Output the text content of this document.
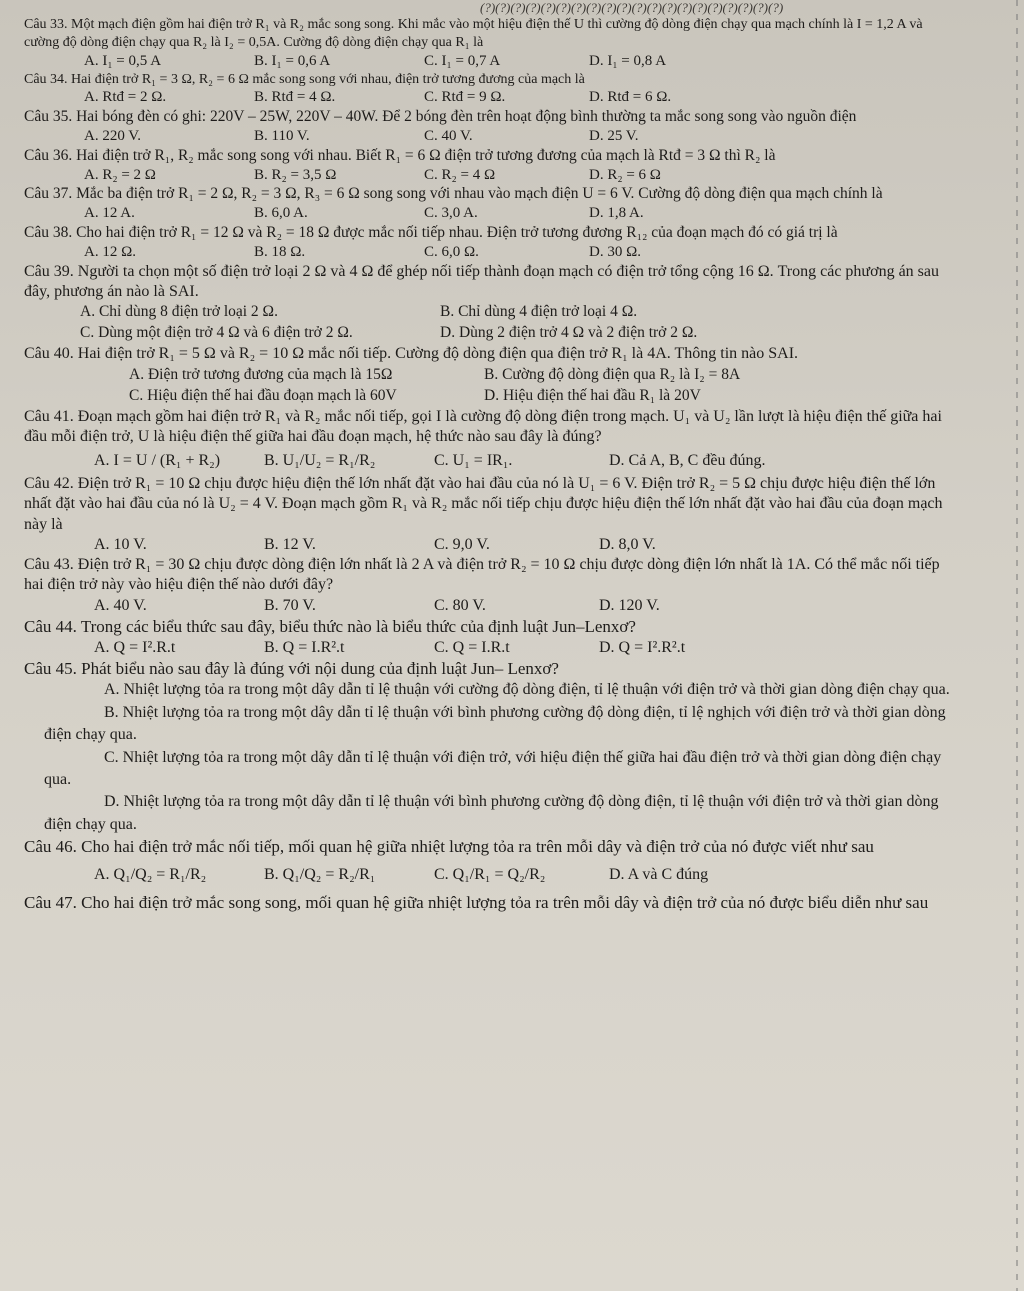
(?)(?)(?)(?)(?)(?)(?)(?)(?)(?)(?)(?)(?)(?)(?)(?)(?)(?)(?)(?)

Câu 33. Một mạch điện gồm hai điện trở R₁ và R₂ mắc song song. Khi mắc vào một hiệu điện thế U thì cường độ dòng điện chạy qua mạch chính là I = 1,2 A và cường độ dòng điện chạy qua R₂ là I₂ = 0,5A. Cường độ dòng điện chạy qua R₁ là

A. I₁ = 0,5 A	B. I₁ = 0,6 A	C. I₁ = 0,7 A	D. I₁ = 0,8 A

Câu 34. Hai điện trở R₁ = 3 Ω, R₂ = 6 Ω mắc song song với nhau, điện trở tương đương của mạch là

A. Rtđ = 2 Ω.	B. Rtđ = 4 Ω.	C. Rtđ = 9 Ω.	D. Rtđ = 6 Ω.

Câu 35. Hai bóng đèn có ghi: 220V – 25W, 220V – 40W. Để 2 bóng đèn trên hoạt động bình thường ta mắc song song vào nguồn điện

A. 220 V.	B. 110 V.	C. 40 V.	D. 25 V.

Câu 36. Hai điện trở R₁, R₂ mắc song song với nhau. Biết R₁ = 6 Ω điện trở tương đương của mạch là Rtđ = 3 Ω thì R₂ là

A. R₂ = 2 Ω	B. R₂ = 3,5 Ω	C. R₂ = 4 Ω	D. R₂ = 6 Ω

Câu 37. Mắc ba điện trở R₁ = 2 Ω, R₂ = 3 Ω, R₃ = 6 Ω song song với nhau vào mạch điện U = 6 V. Cường độ dòng điện qua mạch chính là

A. 12 A.	B. 6,0 A.	C. 3,0 A.	D. 1,8 A.

Câu 38. Cho hai điện trở R₁ = 12 Ω và R₂ = 18 Ω được mắc nối tiếp nhau. Điện trở tương đương R₁₂ của đoạn mạch đó có giá trị là

A. 12 Ω.	B. 18 Ω.	C. 6,0 Ω.	D. 30 Ω.

Câu 39. Người ta chọn một số điện trở loại 2 Ω và 4 Ω để ghép nối tiếp thành đoạn mạch có điện trở tổng cộng 16 Ω. Trong các phương án sau đây, phương án nào là SAI.

A. Chỉ dùng 8 điện trở loại 2 Ω.	B. Chỉ dùng 4 điện trở loại 4 Ω.
C. Dùng một điện trở 4 Ω và 6 điện trở 2 Ω.	D. Dùng 2 điện trở 4 Ω và 2 điện trở 2 Ω.

Câu 40. Hai điện trở R₁ = 5 Ω và R₂ = 10 Ω mắc nối tiếp. Cường độ dòng điện qua điện trở R₁ là 4A. Thông tin nào SAI.

A. Điện trở tương đương của mạch là 15Ω	B. Cường độ dòng điện qua R₂ là I₂ = 8A
C. Hiệu điện thế hai đầu đoạn mạch là 60V	D. Hiệu điện thế hai đầu R₁ là 20V

Câu 41. Đoạn mạch gồm hai điện trở R₁ và R₂ mắc nối tiếp, gọi I là cường độ dòng điện trong mạch. U₁ và U₂ lần lượt là hiệu điện thế giữa hai đầu mỗi điện trở, U là hiệu điện thế giữa hai đầu đoạn mạch, hệ thức nào sau đây là đúng?

A. I = U / (R₁ + R₂)	B. U₁/U₂ = R₁/R₂	C. U₁ = IR₁.	D. Cả A, B, C đều đúng.

Câu 42. Điện trở R₁ = 10 Ω chịu được hiệu điện thế lớn nhất đặt vào hai đầu của nó là U₁ = 6 V. Điện trở R₂ = 5 Ω chịu được hiệu điện thế lớn nhất đặt vào hai đầu của nó là U₂ = 4 V. Đoạn mạch gồm R₁ và R₂ mắc nối tiếp chịu được hiệu điện thế lớn nhất đặt vào hai đầu của đoạn mạch này là

A. 10 V.	B. 12 V.	C. 9,0 V.	D. 8,0 V.

Câu 43. Điện trở R₁ = 30 Ω chịu được dòng điện lớn nhất là 2 A và điện trở R₂ = 10 Ω chịu được dòng điện lớn nhất là 1A. Có thể mắc nối tiếp hai điện trở này vào hiệu điện thế nào dưới đây?

A. 40 V.	B. 70 V.	C. 80 V.	D. 120 V.

Câu 44. Trong các biểu thức sau đây, biểu thức nào là biểu thức của định luật Jun–Lenxơ?

A. Q = I².R.t	B. Q = I.R².t	C. Q = I.R.t	D. Q = I².R².t

Câu 45. Phát biểu nào sau đây là đúng với nội dung của định luật Jun– Lenxơ?

A. Nhiệt lượng tỏa ra trong một dây dẫn tỉ lệ thuận với cường độ dòng điện, tỉ lệ thuận với điện trở và thời gian dòng điện chạy qua.
B. Nhiệt lượng tỏa ra trong một dây dẫn tỉ lệ thuận với bình phương cường độ dòng điện, tỉ lệ nghịch với điện trở và thời gian dòng điện chạy qua.
C. Nhiệt lượng tỏa ra trong một dây dẫn tỉ lệ thuận với điện trở, với hiệu điện thế giữa hai đầu điện trở và thời gian dòng điện chạy qua.
D. Nhiệt lượng tỏa ra trong một dây dẫn tỉ lệ thuận với bình phương cường độ dòng điện, tỉ lệ thuận với điện trở và thời gian dòng điện chạy qua.

Câu 46. Cho hai điện trở mắc nối tiếp, mối quan hệ giữa nhiệt lượng tỏa ra trên mỗi dây và điện trở của nó được viết như sau

A. Q₁/Q₂ = R₁/R₂	B. Q₁/Q₂ = R₂/R₁	C. Q₁/R₁ = Q₂/R₂	D. A và C đúng

Câu 47. Cho hai điện trở mắc song song, mối quan hệ giữa nhiệt lượng tỏa ra trên mỗi dây và điện trở của nó được biểu diễn như sau
